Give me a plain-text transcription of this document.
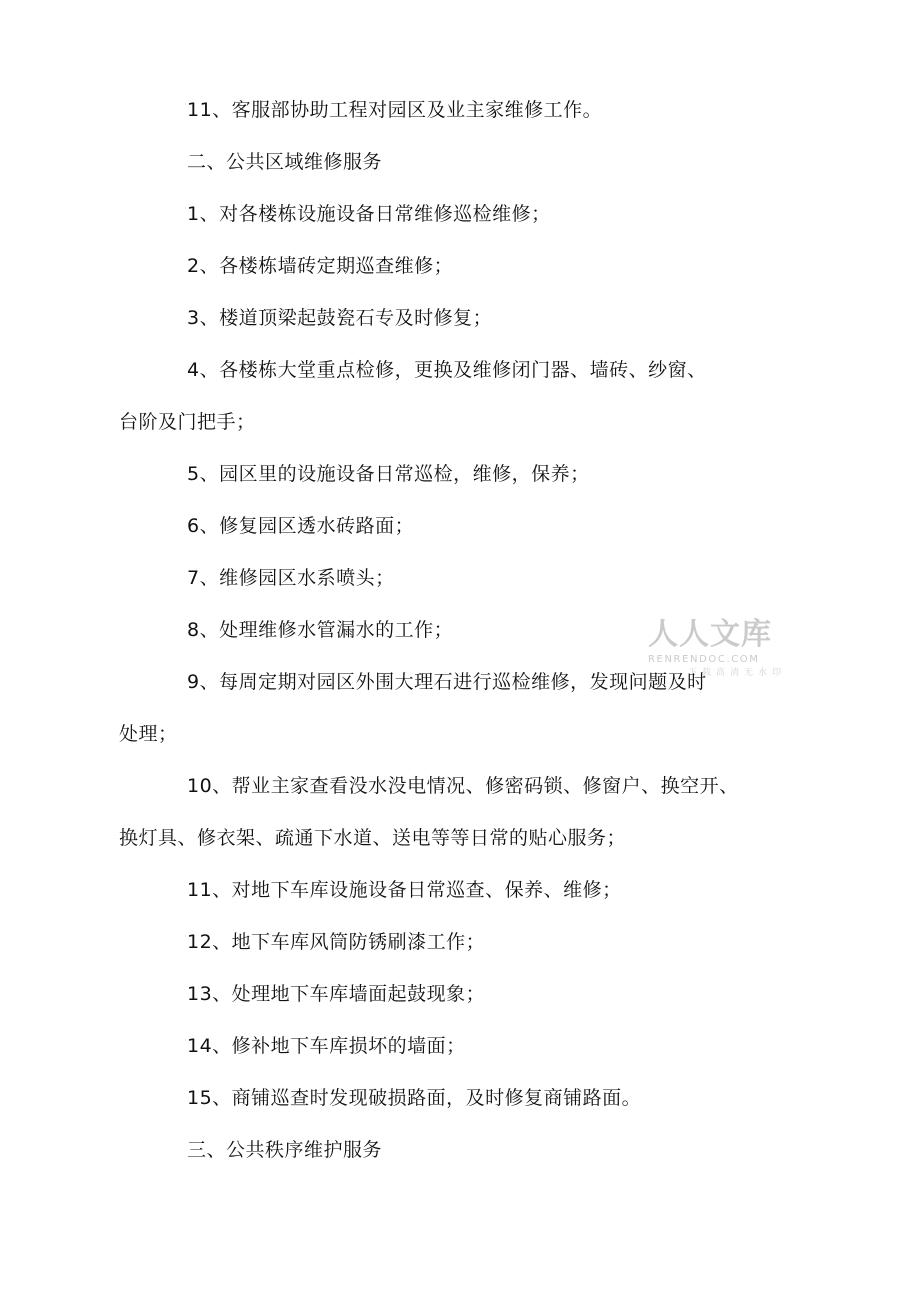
11、客服部协助工程对园区及业主家维修工作。
二、公共区域维修服务
1、对各楼栋设施设备日常维修巡检维修；
2、各楼栋墙砖定期巡查维修；
3、楼道顶梁起鼓瓷石专及时修复；
4、各楼栋大堂重点检修，更换及维修闭门器、墙砖、纱窗、
台阶及门把手；
5、园区里的设施设备日常巡检，维修，保养；
6、修复园区透水砖路面；
7、维修园区水系喷头；
8、处理维修水管漏水的工作；
9、每周定期对园区外围大理石进行巡检维修，发现问题及时
处理；
10、帮业主家查看没水没电情况、修密码锁、修窗户、换空开、
换灯具、修衣架、疏通下水道、送电等等日常的贴心服务；
11、对地下车库设施设备日常巡查、保养、维修；
12、地下车库风筒防锈刷漆工作；
13、处理地下车库墙面起鼓现象；
14、修补地下车库损坏的墙面；
15、商铺巡查时发现破损路面，及时修复商铺路面。
三、公共秩序维护服务
人人文库
RENRENDOC.COM
下载高清无水印
